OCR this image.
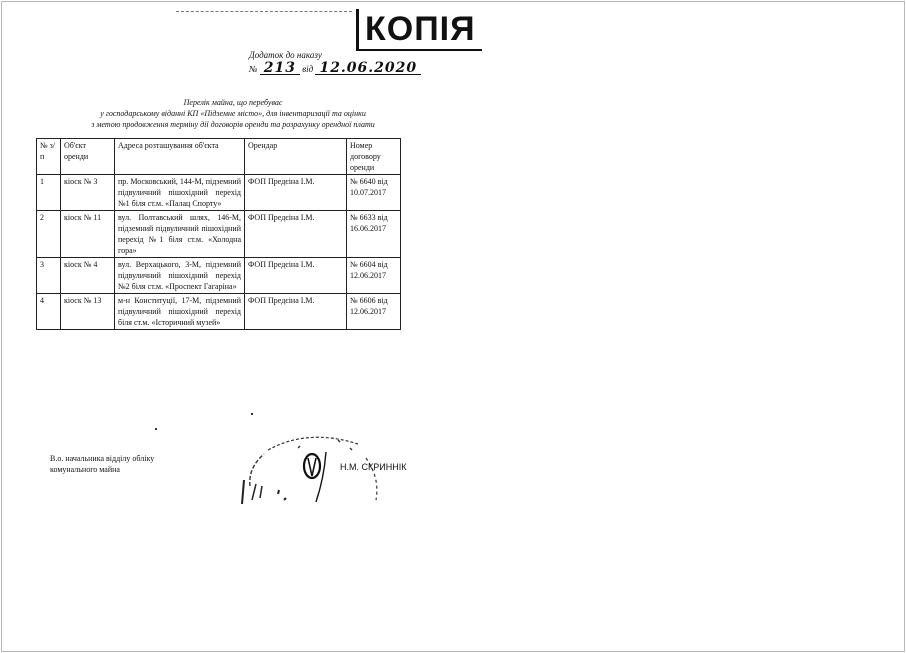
КОПІЯ
Додаток до наказу
№ 213 від 12.06.2020
Перелік майна, що перебуває
у господарському віданні КП «Підземне місто», для інвентаризації та оцінки
з метою продовження терміну дії договорів оренди та розрахунку орендної плати
№ з/п	Об'єкт оренди	Адреса розташування об'єкта	Орендар	Номер договору оренди
1	кіоск № 3	пр. Московський, 144-М, підземний підвуличний пішохідний перехід №1 біля ст.м. «Палац Спорту»	ФОП Предєіна І.М.	№ 6640 від 10.07.2017
2	кіоск № 11	вул. Полтавський шлях, 146-М, підземний підвуличний пішохідний перехід №1 біля ст.м. «Холодна гора»	ФОП Предєіна І.М.	№ 6633 від 16.06.2017
3	кіоск № 4	вул. Верхацького, 3-М, підземний підвуличний пішохідний перехід №2 біля ст.м. «Проспект Гагаріна»	ФОП Предєіна І.М.	№ 6604 від 12.06.2017
4	кіоск № 13	м-н Конституції, 17-М, підземний підвуличний пішохідний перехід біля ст.м. «Історичний музей»	ФОП Предєіна І.М.	№ 6606 від 12.06.2017
В.о. начальника відділу обліку
комунального майна	Н.М. СКРИННІК
